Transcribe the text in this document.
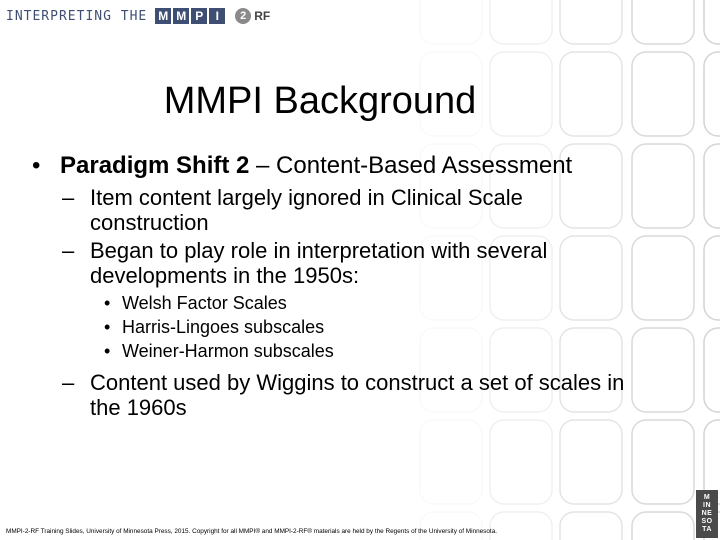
INTERPRETING THE M M P	I	2 RF
MMPI Background
• Paradigm Shift 2 – Content-Based Assessment
– Item content largely ignored in Clinical Scale construction
– Began to play role in interpretation with several developments in the 1950s:
• Welsh Factor Scales
• Harris-Lingoes subscales
• Weiner-Harmon subscales
– Content used by Wiggins to construct a set of scales in the 1960s
MMPI-2-RF Training Slides, University of Minnesota Press, 2015. Copyright for all MMPI® and MMPI-2-RF® materials are held by the Regents of the University of Minnesota.
M
IN
NE
SO
TA
